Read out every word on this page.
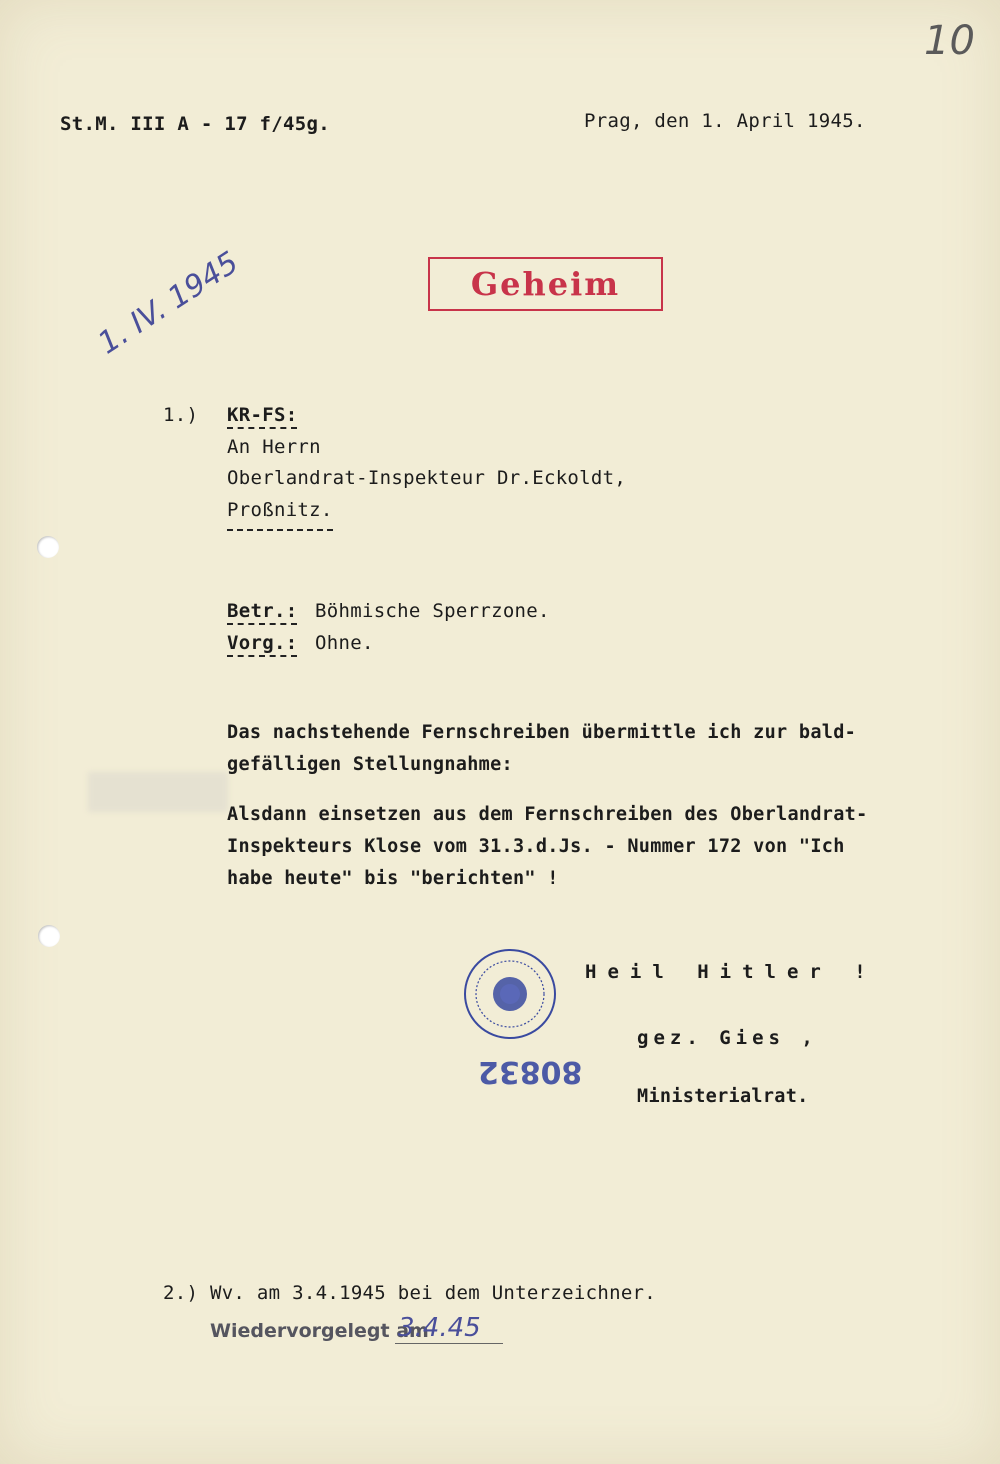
10
St.M. III A - 17 f/45g.	Prag, den 1. April 1945.
Geheim
1. IV. 1945
1.) KR-FS:
An Herrn
Oberlandrat-Inspekteur Dr.Eckoldt,
Proßnitz.
Betr.: Böhmische Sperrzone.
Vorg.: Ohne.
Das nachstehende Fernschreiben übermittle ich zur bald-
gefälligen Stellungnahme:
Alsdann einsetzen aus dem Fernschreiben des Oberlandrat-
Inspekteurs Klose vom 31.3.d.Js. - Nummer 172 von "Ich
habe heute" bis "berichten" !
Heil Hitler !
gez. Gies ,
Ministerialrat.
80832
2.) Wv. am 3.4.1945 bei dem Unterzeichner.
Wiedervorgelegt am
3.4.45
